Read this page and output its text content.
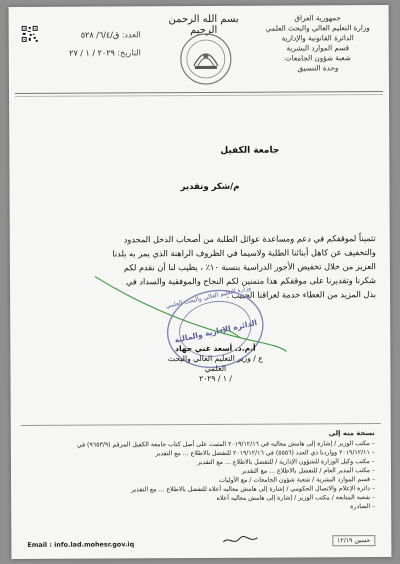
العدد: ق/٦/٤/ ٥٢٨
التاريخ: ٢٠٢٩ / ١ / ٢٧
بسم الله الرحمن الرحيم
جمهورية العراق
وزارة التعليم العالي والبحث العلمي
الدائرة القانونية والإدارية
قسم الموارد البشرية
شعبة شؤون الجامعات
وحدة التنسيق
جامعة الكفيل
م/شكر وتقدير
تثميناً لموقفكم في دعم ومساعدة عوائل الطلبة من أصحاب الدخل المحدود
والتخفيف عن كاهل أبنائنا الطلبة ولاسيما في الظروف الراهنة الذي يمر به بلدنا
العزيز من خلال تخفيض الأجور الدراسية بنسبة ١٠٪ ، يطيب لنا أن نقدم لكم
شكرنا وتقديرنا على موقفكم هذا متمنين لكم النجاح والموفقية والسداد في
بذل المزيد من العطاء خدمة لعراقنا الحبيب .
وزارة التعليم العالي والبحث العلمي
الدائرة الإدارية والمالية
أ.م.د. أسعد غني جهاد
ع / وزير التعليم العالي والبحث العلمي
/ ١ / ٢٠٢٩
نسخة منه إلى
– مكتب الوزير / إشارة إلى هامش معاليه في ٢٠١٩/١٢/١٦ المثبت على أصل كتاب جامعة الكفيل المرقم (٩٦٥٣/٩) في
– ٢٠١٩/١٢/١١ وواردنا ذي العدد (٥٥٥٦) في ٢٠١٩/١٢/١٦ للتفضل بالاطلاع ... مع التقدير
– مكتب وكيل الوزارة للشؤون الإدارية / للتفضل بالاطلاع ... مع التقدير
– مكتب المدير العام / للتفضل بالاطلاع ... مع التقدير
– قسم الموارد البشرية / شعبة شؤون الجامعات / مع الأوليات
– دائرة الإعلام والاتصال الحكومي / إشارة إلى هامش معاليه أعلاه للتفضل بالاطلاع ... مع التقدير
– شعبة المتابعة / مكتب الوزير / إشارة إلى هامش معاليه أعلاه
– الصادرة
Email : info.lad.mohesr.gov.iq	حسين ١٢/١٩
